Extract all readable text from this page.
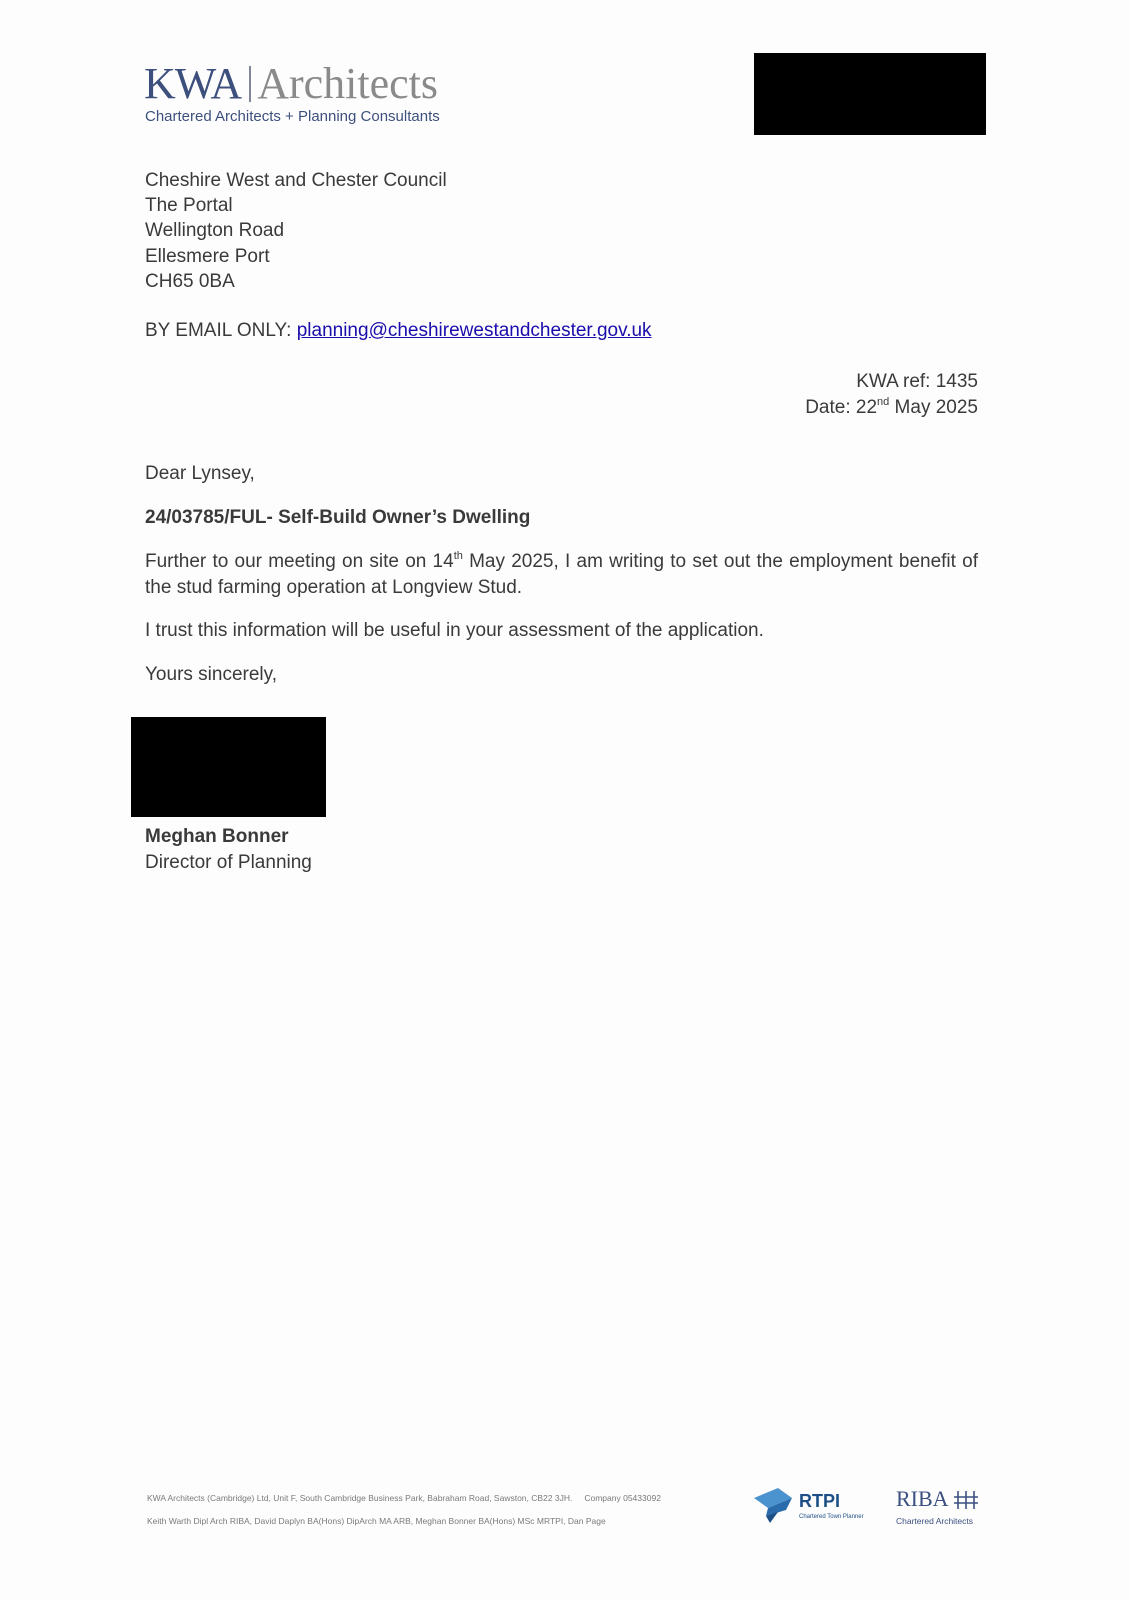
KWA Architects
Chartered Architects + Planning Consultants
Cheshire West and Chester Council
The Portal
Wellington Road
Ellesmere Port
CH65 0BA
BY EMAIL ONLY: planning@cheshirewestandchester.gov.uk
KWA ref: 1435
Date: 22nd May 2025
Dear Lynsey,
24/03785/FUL- Self-Build Owner’s Dwelling
Further to our meeting on site on 14th May 2025, I am writing to set out the employment benefit of the stud farming operation at Longview Stud.
I trust this information will be useful in your assessment of the application.
Yours sincerely,
Meghan Bonner
Director of Planning
KWA Architects (Cambridge) Ltd, Unit F, South Cambridge Business Park, Babraham Road, Sawston, CB22 3JH. Company 05433092
Keith Warth Dipl Arch RIBA, David Daplyn BA(Hons) DipArch MA ARB, Meghan Bonner BA(Hons) MSc MRTPI, Dan Page
RTPI
Chartered Town Planner
RIBA
Chartered Architects
